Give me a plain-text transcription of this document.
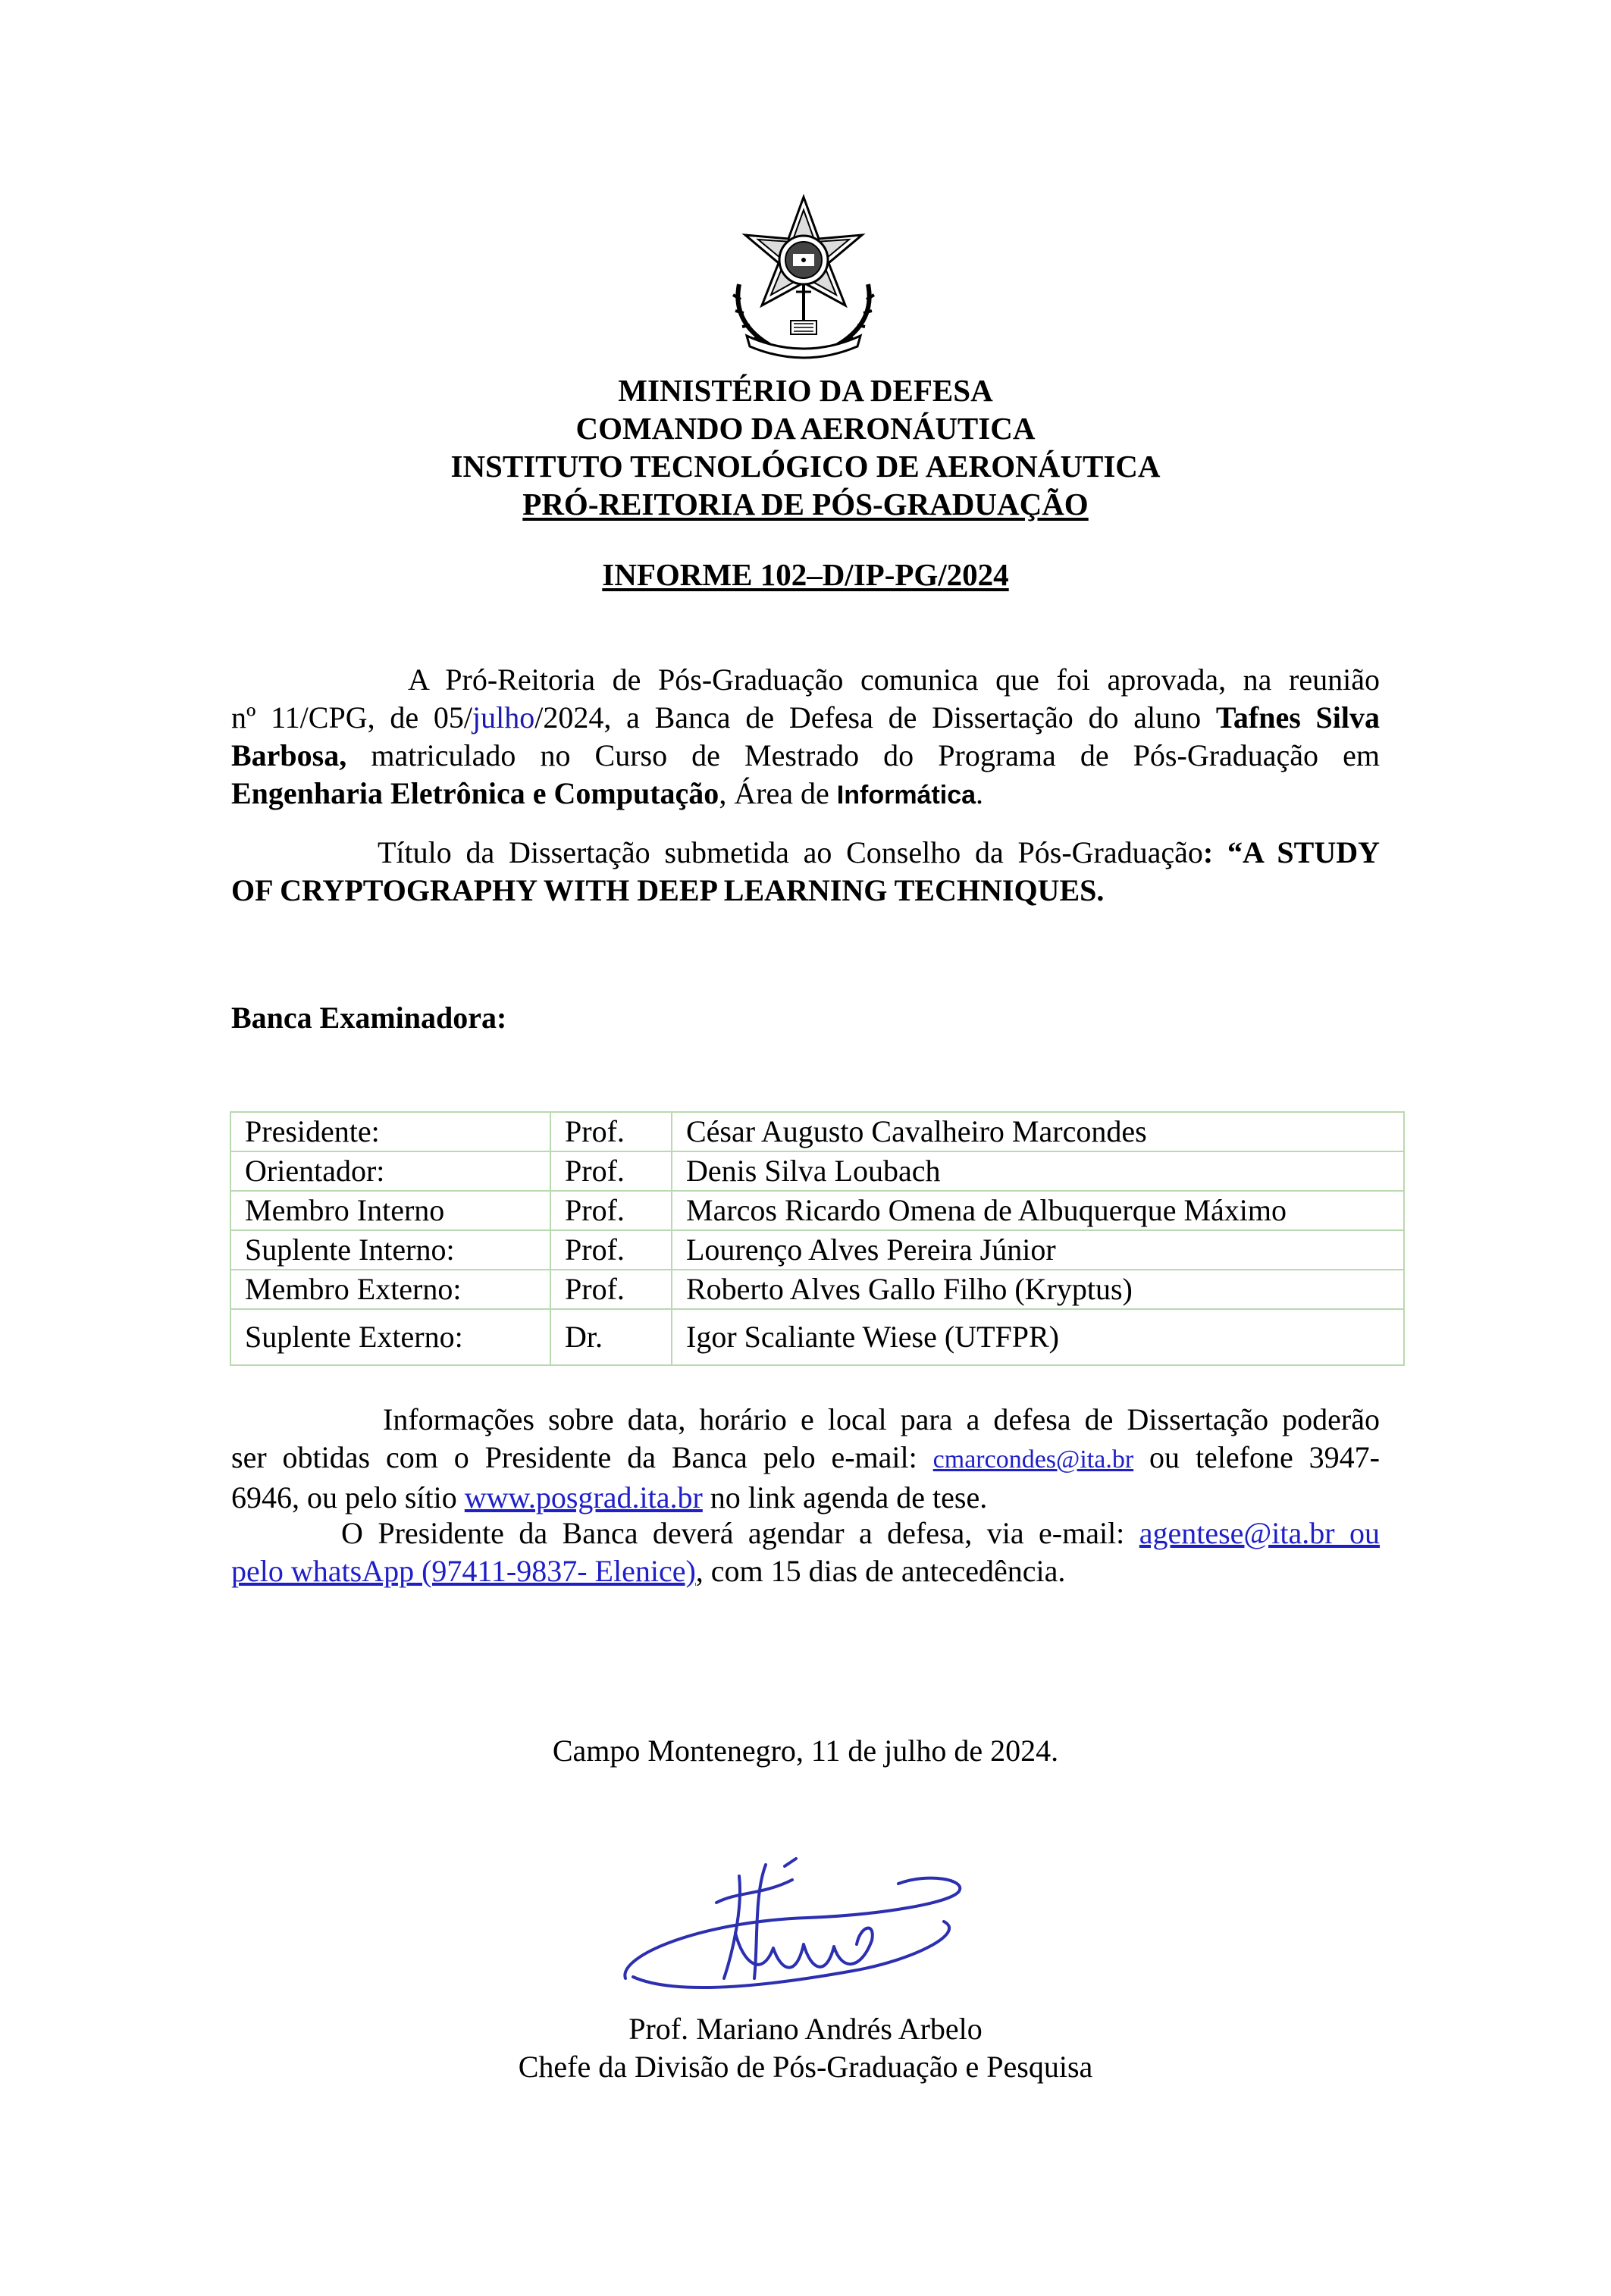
MINISTÉRIO DA DEFESA
COMANDO DA AERONÁUTICA
INSTITUTO TECNOLÓGICO DE AERONÁUTICA
PRÓ-REITORIA DE PÓS-GRADUAÇÃO
INFORME 102–D/IP-PG/2024
A Pró-Reitoria de Pós-Graduação comunica que foi aprovada, na reunião
nº 11/CPG, de 05/julho/2024, a Banca de Defesa de Dissertação do aluno Tafnes Silva
Barbosa, matriculado no Curso de Mestrado do Programa de Pós-Graduação em
Engenharia Eletrônica e Computação, Área de Informática.
Título da Dissertação submetida ao Conselho da Pós-Graduação: “A STUDY
OF CRYPTOGRAPHY WITH DEEP LEARNING TECHNIQUES.
Banca Examinadora:
Presidente:	Prof.	César Augusto Cavalheiro Marcondes
Orientador:	Prof.	Denis Silva Loubach
Membro Interno	Prof.	Marcos Ricardo Omena de Albuquerque Máximo
Suplente Interno:	Prof.	Lourenço Alves Pereira Júnior
Membro Externo:	Prof.	Roberto Alves Gallo Filho (Kryptus)
Suplente Externo:	Dr.	Igor Scaliante Wiese (UTFPR)
Informações sobre data, horário e local para a defesa de Dissertação poderão
ser obtidas com o Presidente da Banca pelo e-mail: cmarcondes@ita.br ou telefone 3947-
6946, ou pelo sítio www.posgrad.ita.br no link agenda de tese.
O Presidente da Banca deverá agendar a defesa, via e-mail: agentese@ita.br ou
pelo whatsApp (97411-9837- Elenice), com 15 dias de antecedência.
Campo Montenegro, 11 de julho de 2024.
Prof. Mariano Andrés Arbelo
Chefe da Divisão de Pós-Graduação e Pesquisa
